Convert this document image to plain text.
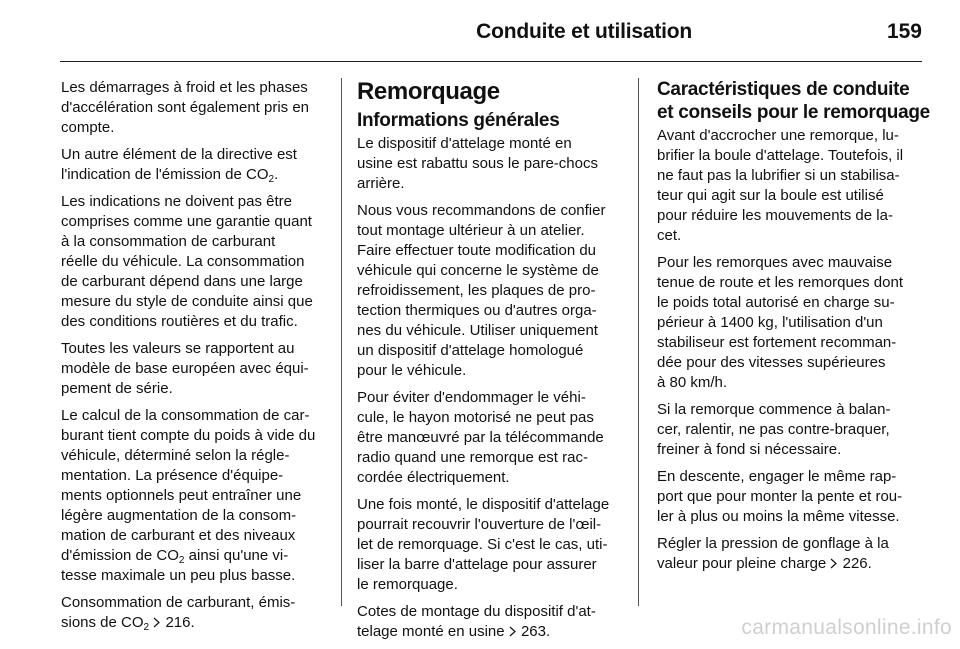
Conduite et utilisation	159

Les démarrages à froid et les phases
d'accélération sont également pris en
compte.

Un autre élément de la directive est
l'indication de l'émission de $CO_2$.

Les indications ne doivent pas être
comprises comme une garantie quant
à la consommation de carburant
réelle du véhicule. La consommation
de carburant dépend dans une large
mesure du style de conduite ainsi que
des conditions routières et du trafic.

Toutes les valeurs se rapportent au
modèle de base européen avec équi-
pement de série.

Le calcul de la consommation de car-
burant tient compte du poids à vide du
véhicule, déterminé selon la régle-
mentation. La présence d'équipe-
ments optionnels peut entraîner une
légère augmentation de la consom-
mation de carburant et des niveaux
d'émission de $CO_2$ ainsi qu'une vi-
tesse maximale un peu plus basse.

Consommation de carburant, émis-
sions de $CO_2$ 216.

Remorquage
Informations générales

Le dispositif d'attelage monté en
usine est rabattu sous le pare-chocs
arrière.

Nous vous recommandons de confier
tout montage ultérieur à un atelier.
Faire effectuer toute modification du
véhicule qui concerne le système de
refroidissement, les plaques de pro-
tection thermiques ou d'autres orga-
nes du véhicule. Utiliser uniquement
un dispositif d'attelage homologué
pour le véhicule.

Pour éviter d'endommager le véhi-
cule, le hayon motorisé ne peut pas
être manœuvré par la télécommande
radio quand une remorque est rac-
cordée électriquement.

Une fois monté, le dispositif d'attelage
pourrait recouvrir l'ouverture de l'œil-
let de remorquage. Si c'est le cas, uti-
liser la barre d'attelage pour assurer
le remorquage.

Cotes de montage du dispositif d'at-
telage monté en usine 263.

Caractéristiques de conduite
et conseils pour le remorquage

Avant d'accrocher une remorque, lu-
brifier la boule d'attelage. Toutefois, il
ne faut pas la lubrifier si un stabilisa-
teur qui agit sur la boule est utilisé
pour réduire les mouvements de la-
cet.

Pour les remorques avec mauvaise
tenue de route et les remorques dont
le poids total autorisé en charge su-
périeur à 1400 kg, l'utilisation d'un
stabiliseur est fortement recomman-
dée pour des vitesses supérieures
à 80 km/h.

Si la remorque commence à balan-
cer, ralentir, ne pas contre-braquer,
freiner à fond si nécessaire.

En descente, engager le même rap-
port que pour monter la pente et rou-
ler à plus ou moins la même vitesse.

Régler la pression de gonflage à la
valeur pour pleine charge 226.

carmanualsonline.info
